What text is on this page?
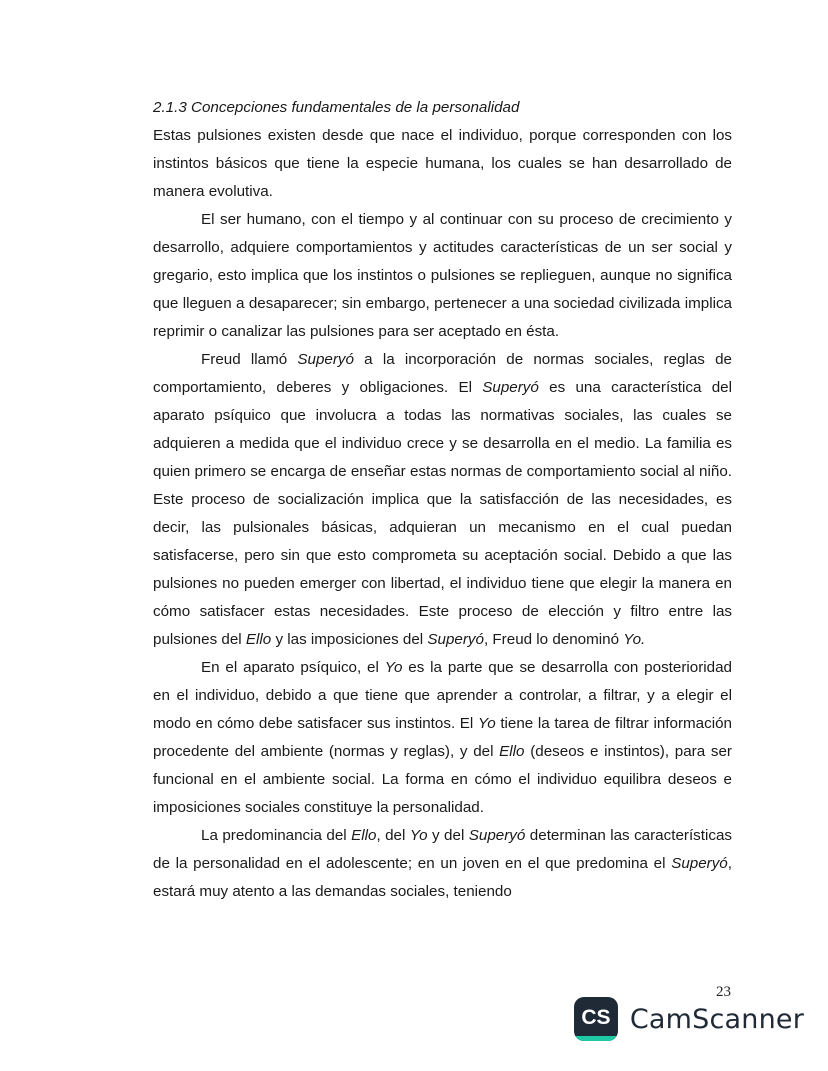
2.1.3 Concepciones fundamentales de la personalidad

Estas pulsiones existen desde que nace el individuo, porque corresponden con los instintos básicos que tiene la especie humana, los cuales se han desarrollado de manera evolutiva.

El ser humano, con el tiempo y al continuar con su proceso de crecimiento y desarrollo, adquiere comportamientos y actitudes características de un ser social y gregario, esto implica que los instintos o pulsiones se replieguen, aunque no significa que lleguen a desaparecer; sin embargo, pertenecer a una sociedad civilizada implica reprimir o canalizar las pulsiones para ser aceptado en ésta.

Freud llamó Superyó a la incorporación de normas sociales, reglas de comportamiento, deberes y obligaciones. El Superyó es una característica del aparato psíquico que involucra a todas las normativas sociales, las cuales se adquieren a medida que el individuo crece y se desarrolla en el medio. La familia es quien primero se encarga de enseñar estas normas de comportamiento social al niño. Este proceso de socialización implica que la satisfacción de las necesidades, es decir, las pulsionales básicas, adquieran un mecanismo en el cual puedan satisfacerse, pero sin que esto comprometa su aceptación social. Debido a que las pulsiones no pueden emerger con libertad, el individuo tiene que elegir la manera en cómo satisfacer estas necesidades. Este proceso de elección y filtro entre las pulsiones del Ello y las imposiciones del Superyó, Freud lo denominó Yo.

En el aparato psíquico, el Yo es la parte que se desarrolla con posterioridad en el individuo, debido a que tiene que aprender a controlar, a filtrar, y a elegir el modo en cómo debe satisfacer sus instintos. El Yo tiene la tarea de filtrar información procedente del ambiente (normas y reglas), y del Ello (deseos e instintos), para ser funcional en el ambiente social. La forma en cómo el individuo equilibra deseos e imposiciones sociales constituye la personalidad.

La predominancia del Ello, del Yo y del Superyó determinan las características de la personalidad en el adolescente; en un joven en el que predomina el Superyó, estará muy atento a las demandas sociales, teniendo

23
CS CamScanner
